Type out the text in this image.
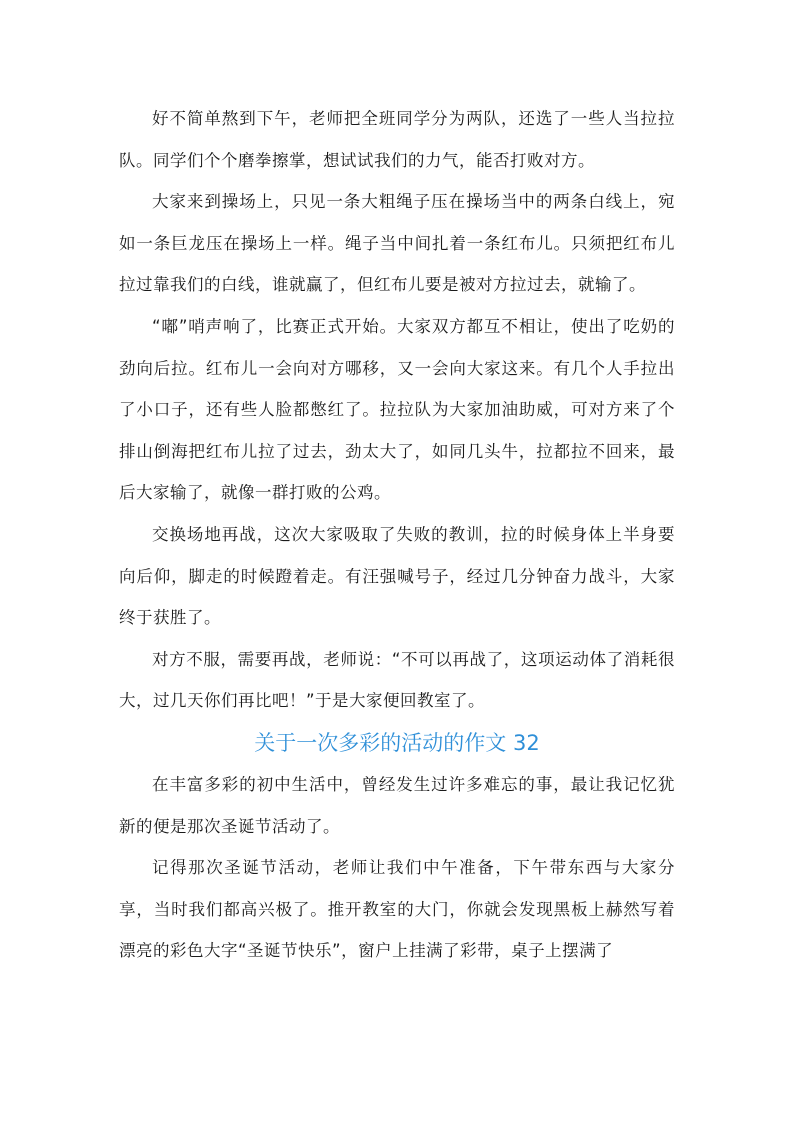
好不简单熬到下午，老师把全班同学分为两队，还选了一些人当拉拉队。同学们个个磨拳擦掌，想试试我们的力气，能否打败对方。

大家来到操场上，只见一条大粗绳子压在操场当中的两条白线上，宛如一条巨龙压在操场上一样。绳子当中间扎着一条红布儿。只须把红布儿拉过靠我们的白线，谁就赢了，但红布儿要是被对方拉过去，就输了。

“嘟”哨声响了，比赛正式开始。大家双方都互不相让，使出了吃奶的劲向后拉。红布儿一会向对方哪移，又一会向大家这来。有几个人手拉出了小口子，还有些人脸都憋红了。拉拉队为大家加油助威，可对方来了个排山倒海把红布儿拉了过去，劲太大了，如同几头牛，拉都拉不回来，最后大家输了，就像一群打败的公鸡。

交换场地再战，这次大家吸取了失败的教训，拉的时候身体上半身要向后仰，脚走的时候蹬着走。有汪强喊号子，经过几分钟奋力战斗，大家终于获胜了。

对方不服，需要再战，老师说：“不可以再战了，这项运动体了消耗很大，过几天你们再比吧！”于是大家便回教室了。

关于一次多彩的活动的作文 32

在丰富多彩的初中生活中，曾经发生过许多难忘的事，最让我记忆犹新的便是那次圣诞节活动了。

记得那次圣诞节活动，老师让我们中午准备，下午带东西与大家分享，当时我们都高兴极了。推开教室的大门，你就会发现黑板上赫然写着漂亮的彩色大字“圣诞节快乐”，窗户上挂满了彩带，桌子上摆满了
